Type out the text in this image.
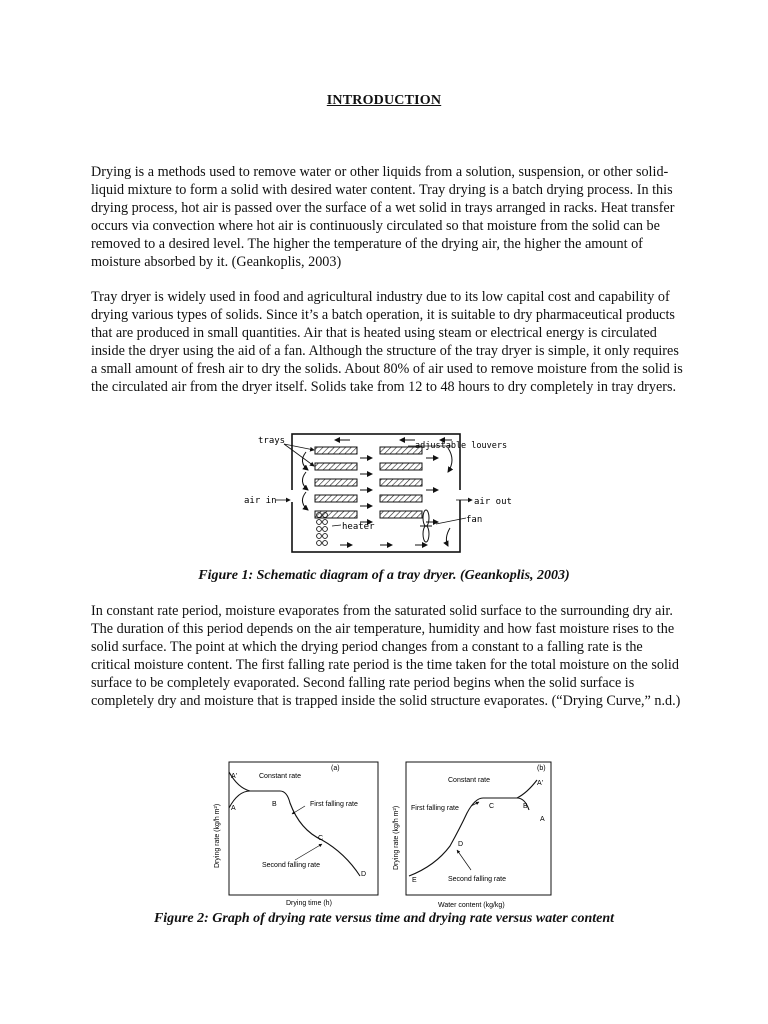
INTRODUCTION

Drying is a methods used to remove water or other liquids from a solution, suspension, or other solid-liquid mixture to form a solid with desired water content. Tray drying is a batch drying process. In this drying process, hot air is passed over the surface of a wet solid in trays arranged in racks. Heat transfer occurs via convection where hot air is continuously circulated so that moisture from the solid can be removed to a desired level. The higher the temperature of the drying air, the higher the amount of moisture absorbed by it. (Geankoplis, 2003)

Tray dryer is widely used in food and agricultural industry due to its low capital cost and capability of drying various types of solids. Since it’s a batch operation, it is suitable to dry pharmaceutical products that are produced in small quantities. Air that is heated using steam or electrical energy is circulated inside the dryer using the aid of a fan. Although the structure of the tray dryer is simple, it only requires a small amount of fresh air to dry the solids. About 80% of air used to remove moisture from the solid is the circulated air from the dryer itself. Solids take from 12 to 48 hours to dry completely in tray dryers.

trays	adjustable louvers
air in	air out
fan
heater
Figure 1: Schematic diagram of a tray dryer. (Geankoplis, 2003)

In constant rate period, moisture evaporates from the saturated solid surface to the surrounding dry air. The duration of this period depends on the air temperature, humidity and how fast moisture rises to the solid surface. The point at which the drying period changes from a constant to a falling rate is the critical moisture content. The first falling rate period is the time taken for the total moisture on the solid surface to be completely evaporated. Second falling rate period begins when the solid surface is completely dry and moisture that is trapped inside the solid structure evaporates. (“Drying Curve,” n.d.)

(a)
Constant rate
First falling rate
Second falling rate
A'
A
B
C
D
Drying time (h)
Drying rate (kg/h m²)
(b)
Constant rate
First falling rate
Second falling rate
A'
A
B
C
D
E
Water content (kg/kg)
Drying rate (kg/h m²)
Figure 2: Graph of drying rate versus time and drying rate versus water content
